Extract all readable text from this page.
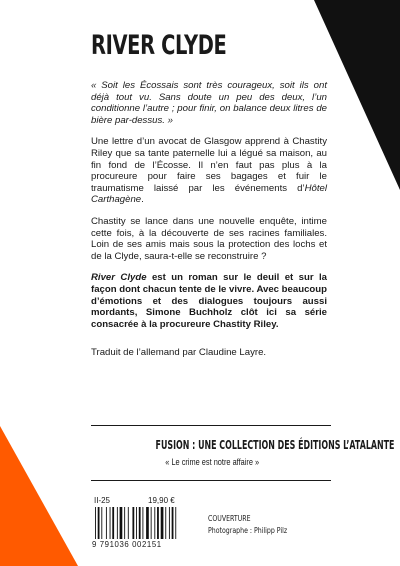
RIVER CLYDE

« Soit les Écossais sont très courageux, soit ils ont déjà tout vu. Sans doute un peu des deux, l’un conditionne l’autre ; pour finir, on balance deux litres de bière par-dessus. »

Une lettre d’un avocat de Glasgow apprend à Chastity Riley que sa tante paternelle lui a légué sa maison, au fin fond de l’Écosse. Il n’en faut pas plus à la procureure pour faire ses bagages et fuir le traumatisme laissé par les événements d’Hôtel Carthagène.

Chastity se lance dans une nouvelle enquête, intime cette fois, à la découverte de ses racines familiales. Loin de ses amis mais sous la protection des lochs et de la Clyde, saura-t-elle se reconstruire ?

River Clyde est un roman sur le deuil et sur la façon dont chacun tente de le vivre. Avec beaucoup d’émotions et des dialogues toujours aussi mordants, Simone Buchholz clôt ici sa série consacrée à la procureure Chastity Riley.

Traduit de l’allemand par Claudine Layre.

FUSION : UNE COLLECTION DES ÉDITIONS L’ATALANTE
« Le crime est notre affaire »
II-25	19,90 €
COUVERTURE
Photographe : Philipp Pilz
9 791036 002151
